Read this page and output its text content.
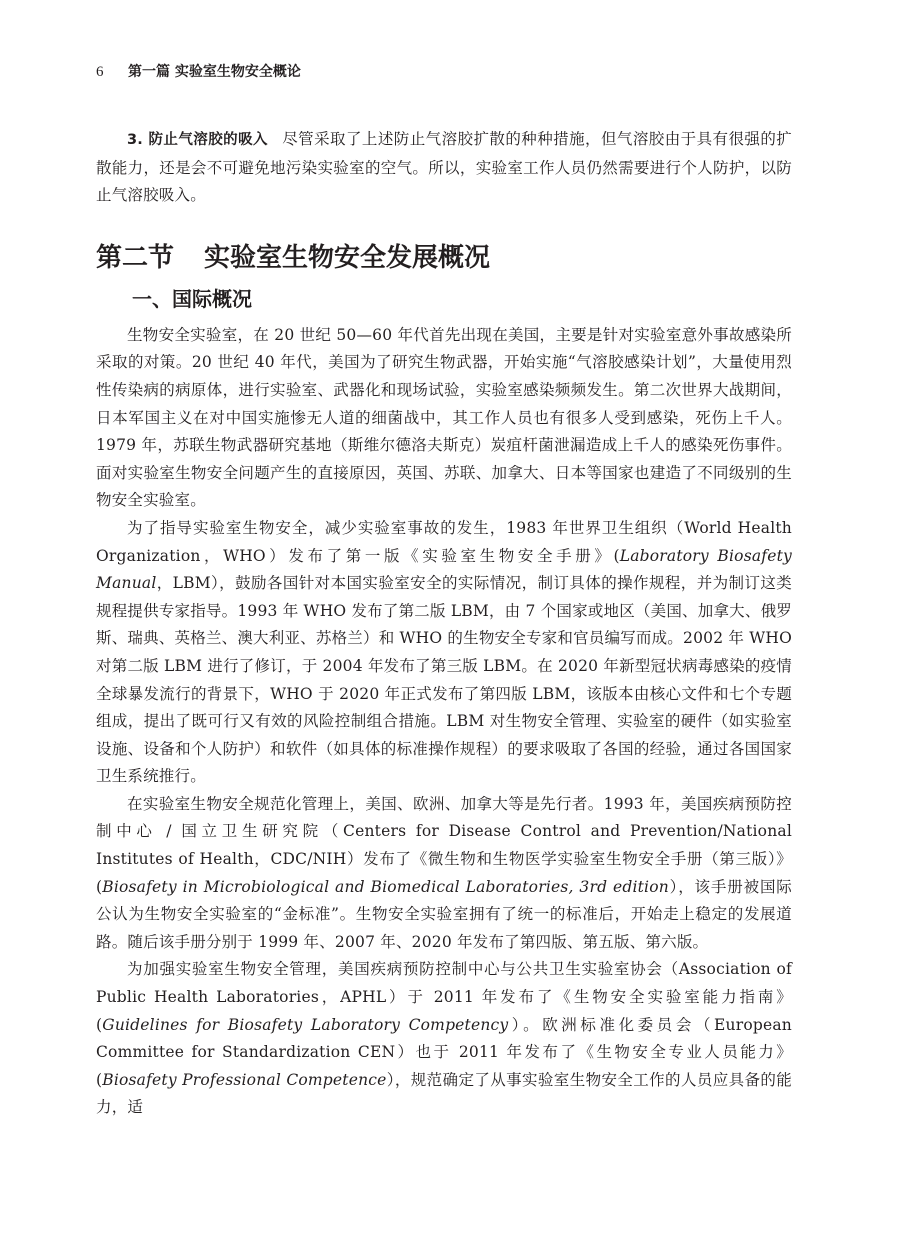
6 第一篇 实验室生物安全概论

3. 防止气溶胶的吸入 尽管采取了上述防止气溶胶扩散的种种措施，但气溶胶由于具有很强的扩散能力，还是会不可避免地污染实验室的空气。所以，实验室工作人员仍然需要进行个人防护，以防止气溶胶吸入。

第二节 实验室生物安全发展概况
一、国际概况

生物安全实验室，在 20 世纪 50—60 年代首先出现在美国，主要是针对实验室意外事故感染所采取的对策。20 世纪 40 年代，美国为了研究生物武器，开始实施“气溶胶感染计划”，大量使用烈性传染病的病原体，进行实验室、武器化和现场试验，实验室感染频频发生。第二次世界大战期间，日本军国主义在对中国实施惨无人道的细菌战中，其工作人员也有很多人受到感染，死伤上千人。1979 年，苏联生物武器研究基地（斯维尔德洛夫斯克）炭疽杆菌泄漏造成上千人的感染死伤事件。面对实验室生物安全问题产生的直接原因，英国、苏联、加拿大、日本等国家也建造了不同级别的生物安全实验室。

为了指导实验室生物安全，减少实验室事故的发生，1983 年世界卫生组织（World Health Organization，WHO）发布了第一版《实验室生物安全手册》(Laboratory Biosafety Manual，LBM），鼓励各国针对本国实验室安全的实际情况，制订具体的操作规程，并为制订这类规程提供专家指导。1993 年 WHO 发布了第二版 LBM，由 7 个国家或地区（美国、加拿大、俄罗斯、瑞典、英格兰、澳大利亚、苏格兰）和 WHO 的生物安全专家和官员编写而成。2002 年 WHO 对第二版 LBM 进行了修订，于 2004 年发布了第三版 LBM。在 2020 年新型冠状病毒感染的疫情全球暴发流行的背景下，WHO 于 2020 年正式发布了第四版 LBM，该版本由核心文件和七个专题组成，提出了既可行又有效的风险控制组合措施。LBM 对生物安全管理、实验室的硬件（如实验室设施、设备和个人防护）和软件（如具体的标准操作规程）的要求吸取了各国的经验，通过各国国家卫生系统推行。

在实验室生物安全规范化管理上，美国、欧洲、加拿大等是先行者。1993 年，美国疾病预防控制中心 / 国立卫生研究院（Centers for Disease Control and Prevention/National Institutes of Health，CDC/NIH）发布了《微生物和生物医学实验室生物安全手册（第三版）》(Biosafety in Microbiological and Biomedical Laboratories, 3rd edition），该手册被国际公认为生物安全实验室的“金标准”。生物安全实验室拥有了统一的标准后，开始走上稳定的发展道路。随后该手册分别于 1999 年、2007 年、2020 年发布了第四版、第五版、第六版。

为加强实验室生物安全管理，美国疾病预防控制中心与公共卫生实验室协会（Association of Public Health Laboratories，APHL）于 2011 年发布了《生物安全实验室能力指南》(Guidelines for Biosafety Laboratory Competency）。欧洲标准化委员会（European Committee for Standardization CEN）也于 2011 年发布了《生物安全专业人员能力》(Biosafety Professional Competence），规范确定了从事实验室生物安全工作的人员应具备的能力，适
